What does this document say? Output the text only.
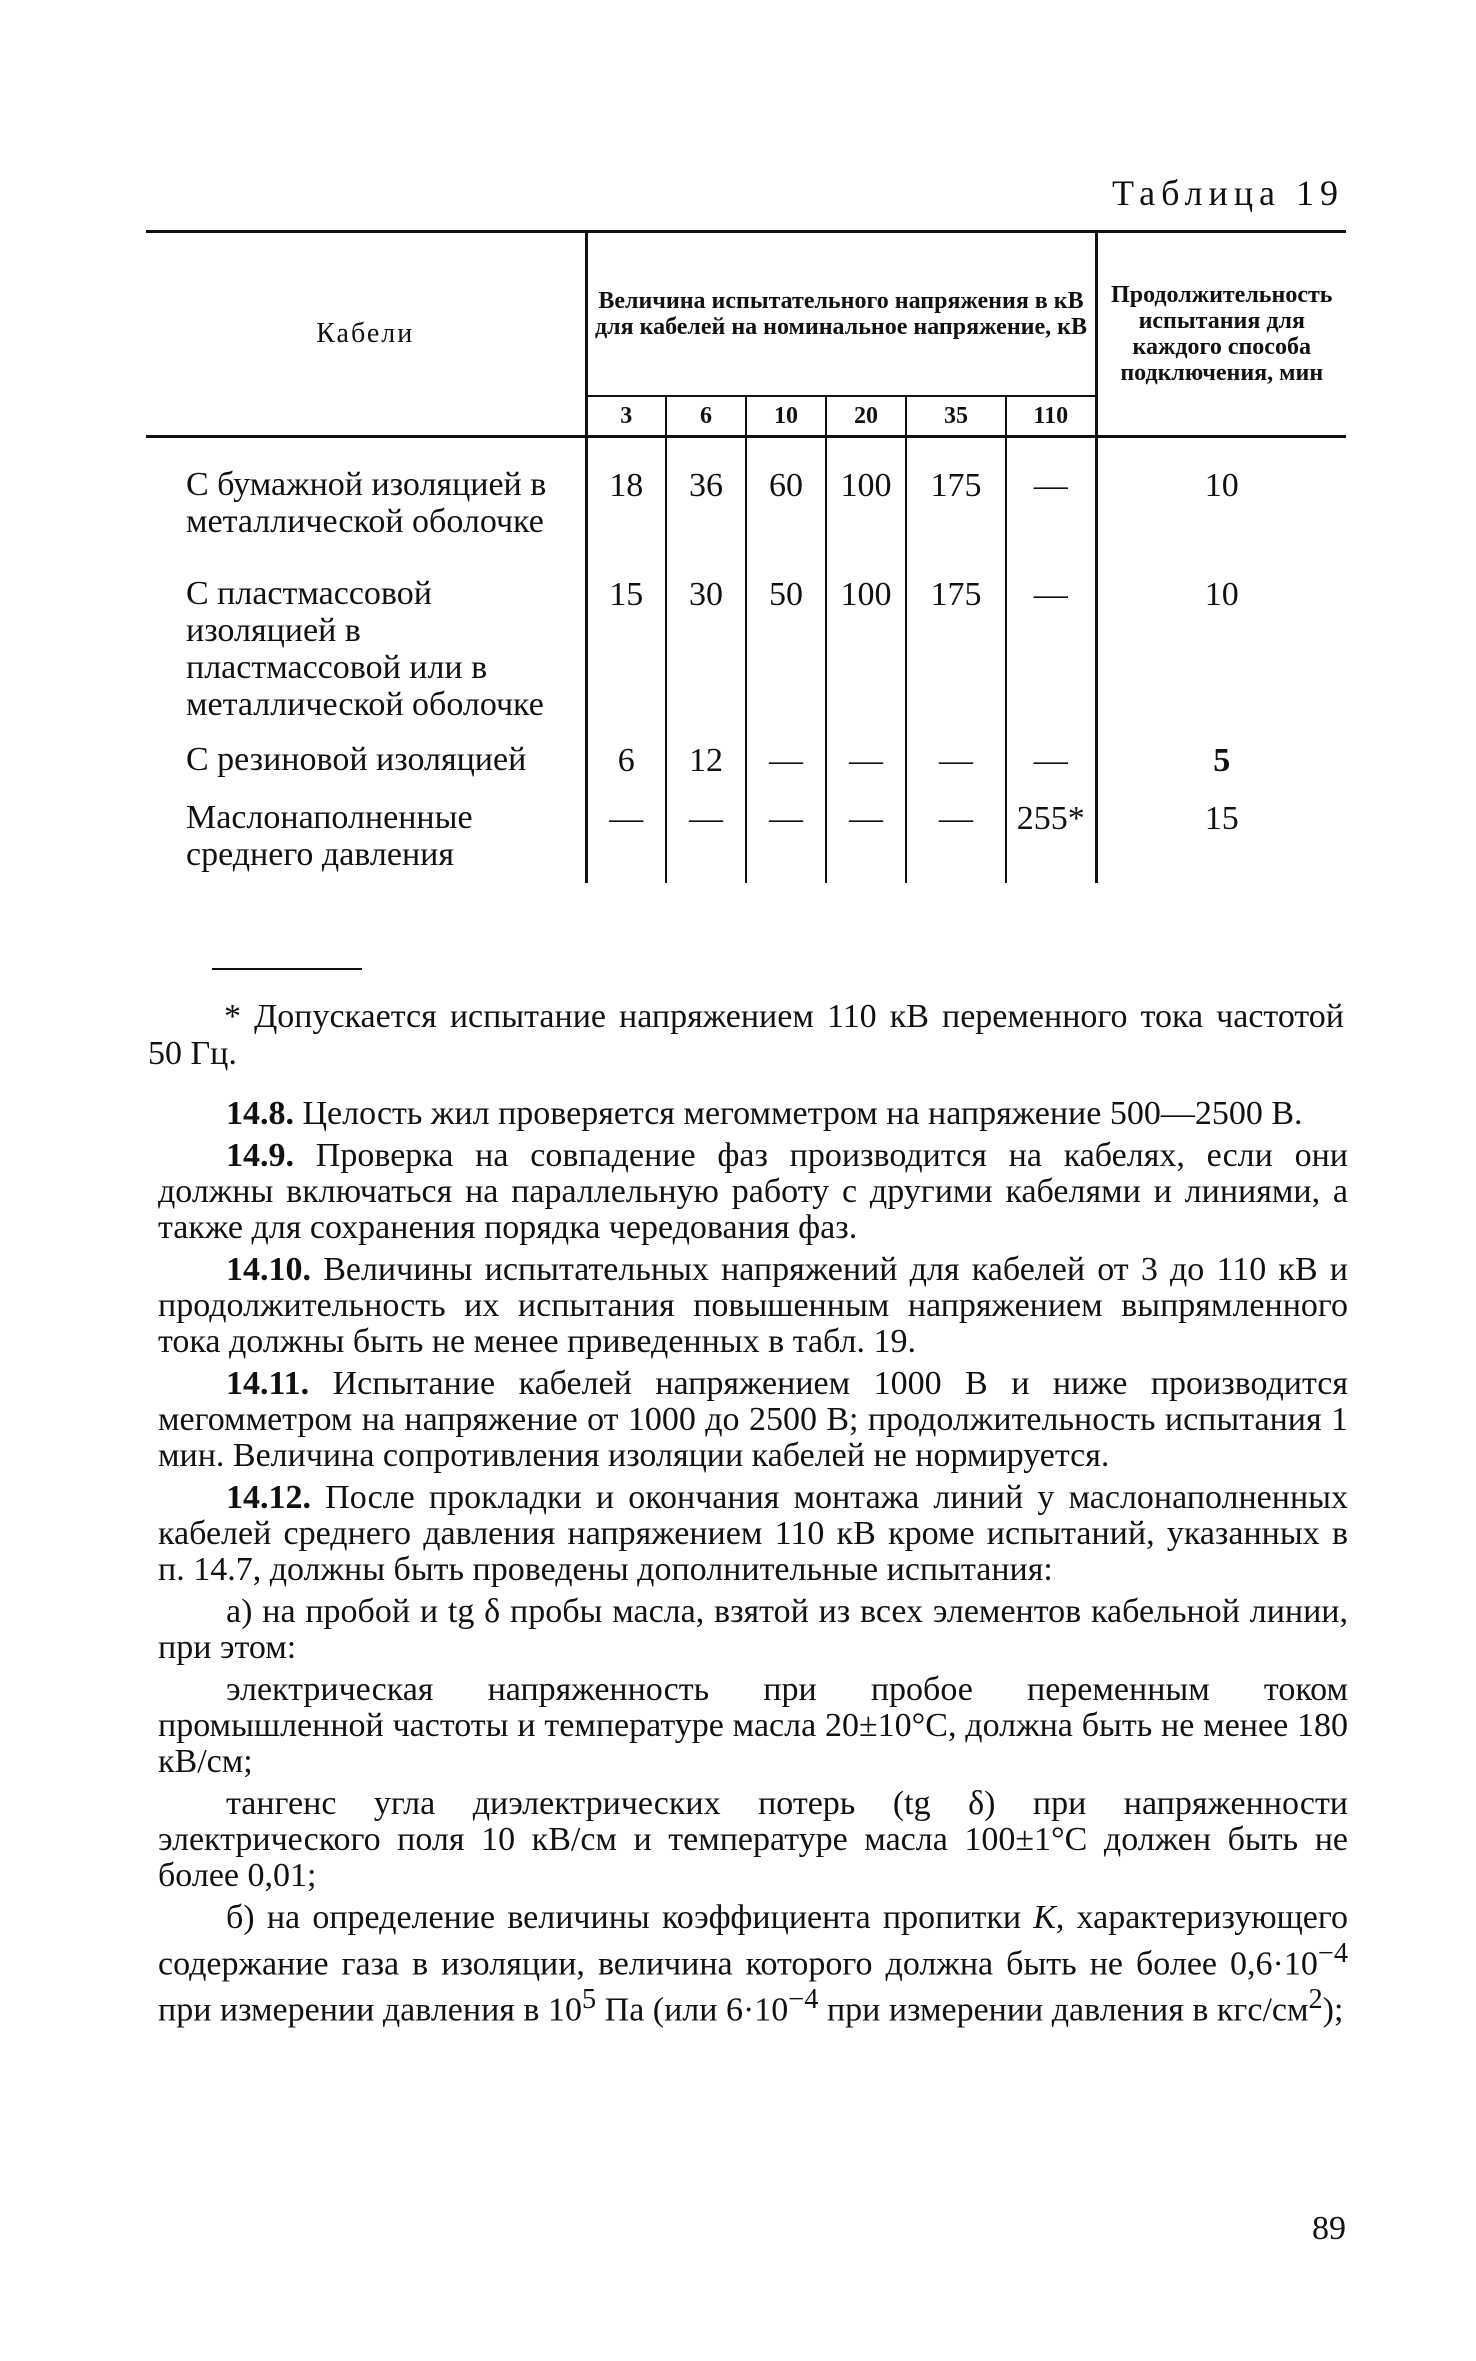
Таблица 19
Кабели	Величина испытательного напряжения в кВ для кабелей на номинальное напряжение, кВ						Продолжительность испытания для каждого способа подключения, мин
	3	6	10	20	35	110	
С бумажной изоляцией в металлической оболочке	18	36	60	100	175	—	10
С пластмассовой изоляцией в пластмассовой или в металлической оболочке	15	30	50	100	175	—	10
С резиновой изоляцией	6	12	—	—	—	—	5
Маслонаполненные среднего давления	—	—	—	—	—	255*	15
* Допускается испытание напряжением 110 кВ переменного тока частотой 50 Гц.

14.8. Целость жил проверяется мегомметром на напряжение 500—2500 В.

14.9. Проверка на совпадение фаз производится на кабелях, если они должны включаться на параллельную работу с другими кабелями и линиями, а также для сохранения порядка чередования фаз.

14.10. Величины испытательных напряжений для кабелей от 3 до 110 кВ и продолжительность их испытания повышенным напряжением выпрямленного тока должны быть не менее приведенных в табл. 19.

14.11. Испытание кабелей напряжением 1000 В и ниже производится мегомметром на напряжение от 1000 до 2500 В; продолжительность испытания 1 мин. Величина сопротивления изоляции кабелей не нормируется.

14.12. После прокладки и окончания монтажа линий у маслонаполненных кабелей среднего давления напряжением 110 кВ кроме испытаний, указанных в п. 14.7, должны быть проведены дополнительные испытания:

а) на пробой и tg δ пробы масла, взятой из всех элементов кабельной линии, при этом:

электрическая напряженность при пробое переменным током промышленной частоты и температуре масла 20±10°С, должна быть не менее 180 кВ/см;

тангенс угла диэлектрических потерь (tg δ) при напряженности электрического поля 10 кВ/см и температуре масла 100±1°С должен быть не более 0,01;

б) на определение величины коэффициента пропитки К, характеризующего содержание газа в изоляции, величина которого должна быть не более $0,6\cdot 10^{-4}$ при измерении давления в $10^5$ Па (или $6\cdot 10^{-4}$ при измерении давления в кгс/$см^2$);

89
